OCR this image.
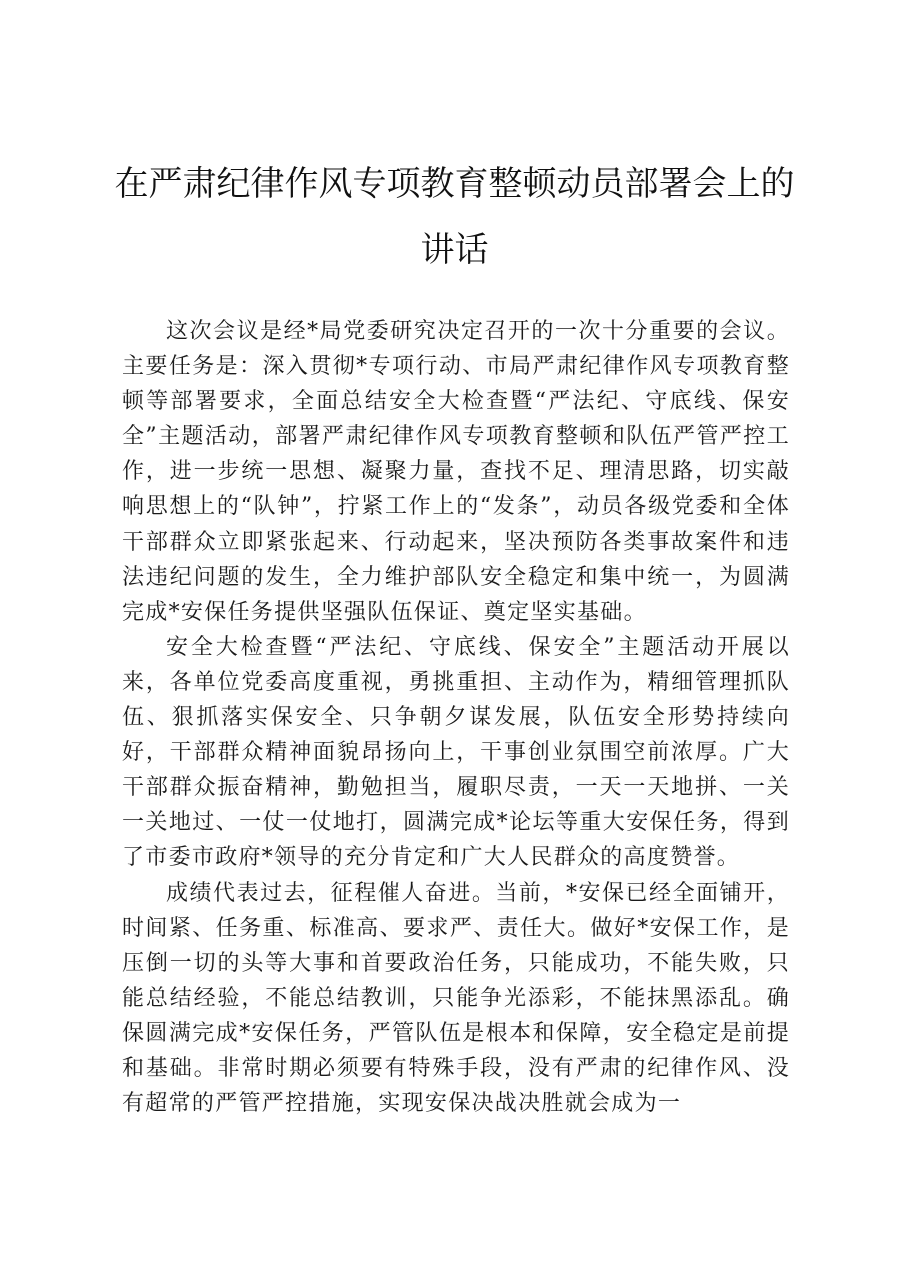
在严肃纪律作风专项教育整顿动员部署会上的
讲话

这次会议是经*局党委研究决定召开的一次十分重要的会议。主要任务是：深入贯彻*专项行动、市局严肃纪律作风专项教育整顿等部署要求，全面总结安全大检查暨“严法纪、守底线、保安全”主题活动，部署严肃纪律作风专项教育整顿和队伍严管严控工作，进一步统一思想、凝聚力量，查找不足、理清思路，切实敲响思想上的“队钟”，拧紧工作上的“发条”，动员各级党委和全体干部群众立即紧张起来、行动起来，坚决预防各类事故案件和违法违纪问题的发生，全力维护部队安全稳定和集中统一，为圆满完成*安保任务提供坚强队伍保证、奠定坚实基础。

安全大检查暨“严法纪、守底线、保安全”主题活动开展以来，各单位党委高度重视，勇挑重担、主动作为，精细管理抓队伍、狠抓落实保安全、只争朝夕谋发展，队伍安全形势持续向好，干部群众精神面貌昂扬向上，干事创业氛围空前浓厚。广大干部群众振奋精神，勤勉担当，履职尽责，一天一天地拼、一关一关地过、一仗一仗地打，圆满完成*论坛等重大安保任务，得到了市委市政府*领导的充分肯定和广大人民群众的高度赞誉。

成绩代表过去，征程催人奋进。当前，*安保已经全面铺开，时间紧、任务重、标准高、要求严、责任大。做好*安保工作，是压倒一切的头等大事和首要政治任务，只能成功，不能失败，只能总结经验，不能总结教训，只能争光添彩，不能抹黑添乱。确保圆满完成*安保任务，严管队伍是根本和保障，安全稳定是前提和基础。非常时期必须要有特殊手段，没有严肃的纪律作风、没有超常的严管严控措施，实现安保决战决胜就会成为一
